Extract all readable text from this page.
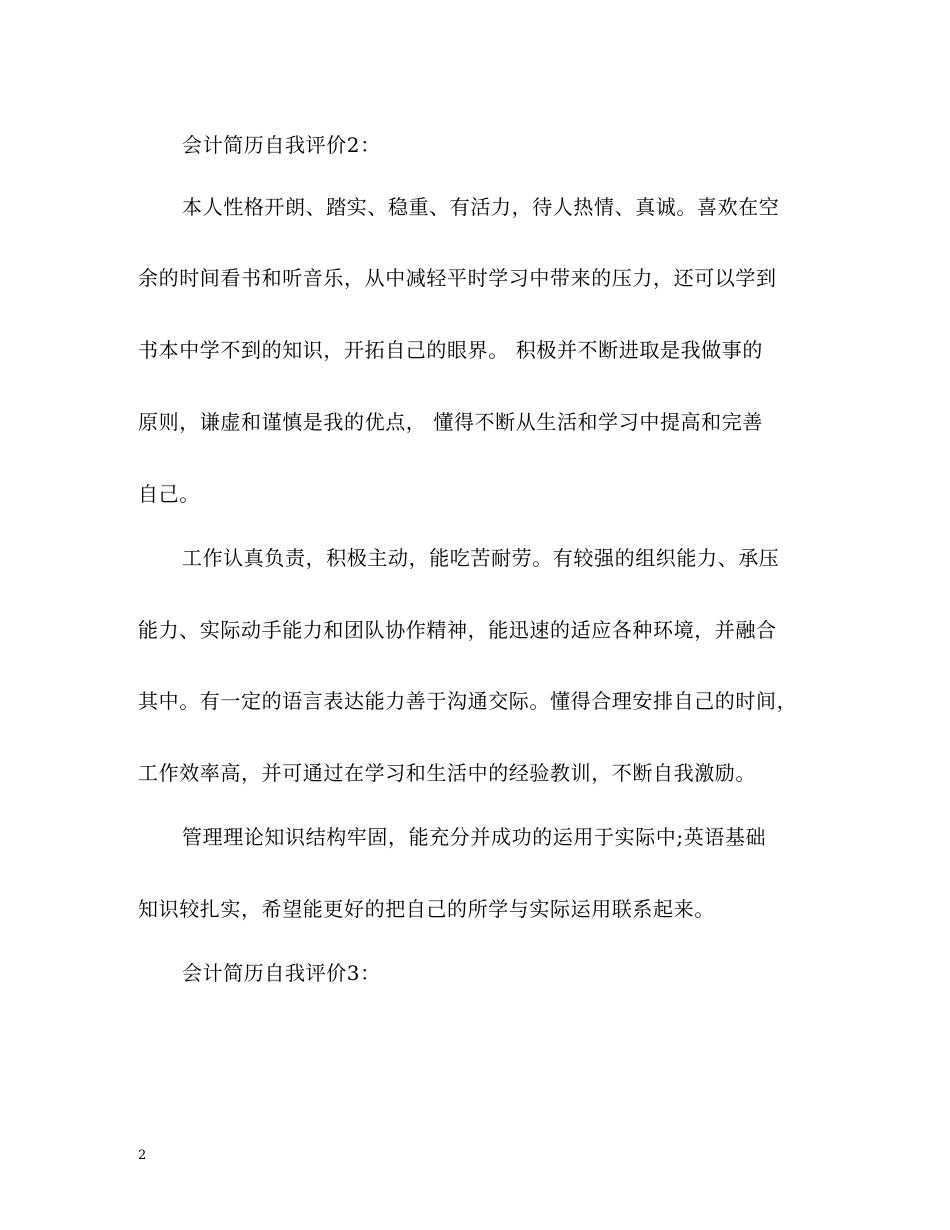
会计简历自我评价2：
本人性格开朗、踏实、稳重、有活力，待人热情、真诚。喜欢在空
余的时间看书和听音乐，从中减轻平时学习中带来的压力，还可以学到
书本中学不到的知识，开拓自己的眼界。 积极并不断进取是我做事的
原则，谦虚和谨慎是我的优点， 懂得不断从生活和学习中提高和完善
自己。
工作认真负责，积极主动，能吃苦耐劳。有较强的组织能力、承压
能力、实际动手能力和团队协作精神，能迅速的适应各种环境，并融合
其中。有一定的语言表达能力善于沟通交际。懂得合理安排自己的时间，
工作效率高，并可通过在学习和生活中的经验教训，不断自我激励。
管理理论知识结构牢固，能充分并成功的运用于实际中;英语基础
知识较扎实，希望能更好的把自己的所学与实际运用联系起来。
会计简历自我评价3：
2
